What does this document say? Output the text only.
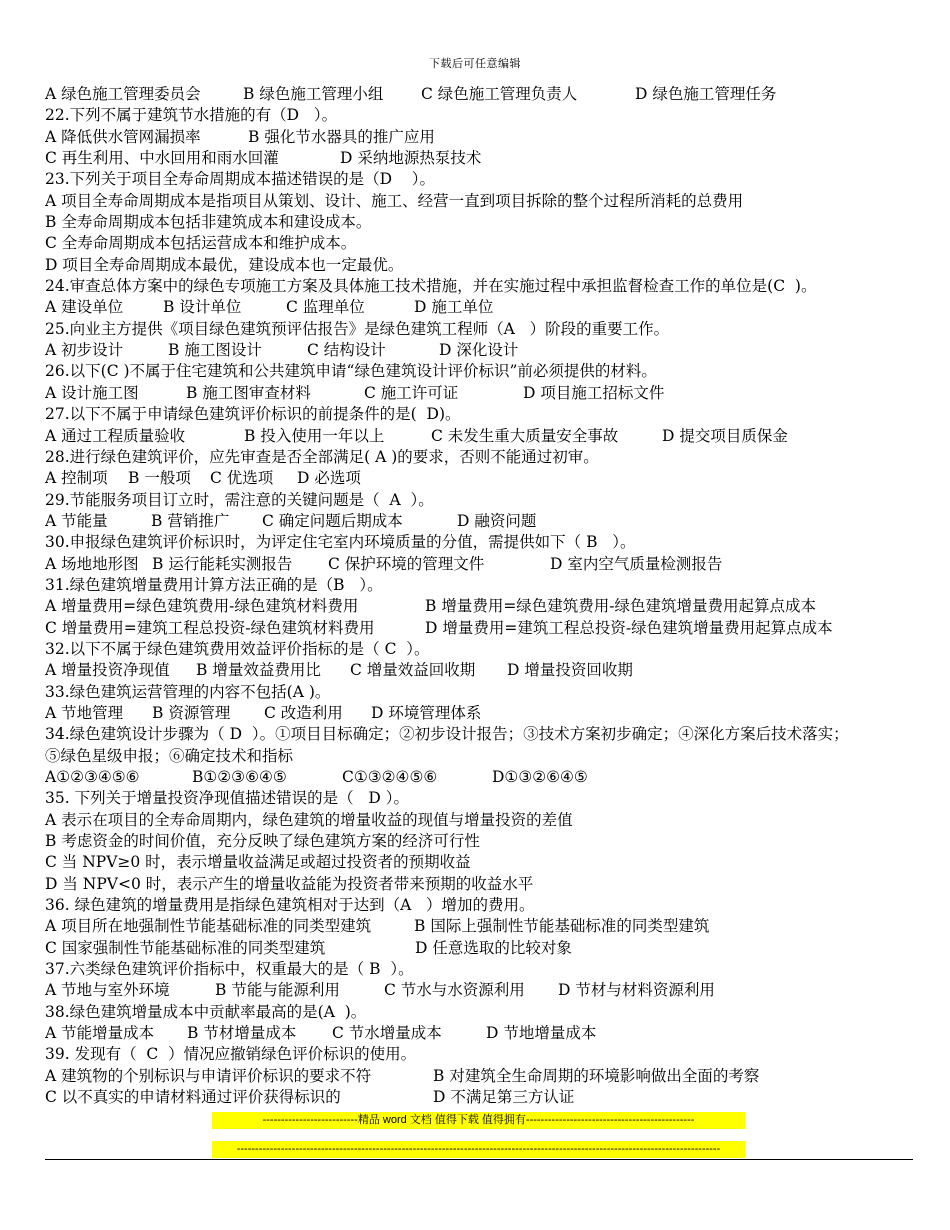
下载后可任意编辑
A 绿色施工管理委员会	B 绿色施工管理小组 C 绿色施工管理负责人	D 绿色施工管理任务
22.下列不属于建筑节水措施的有（D   ）。
A 降低供水管网漏损率	B 强化节水器具的推广应用
C 再生利用、中水回用和雨水回灌	D 采纳地源热泵技术
23.下列关于项目全寿命周期成本描述错误的是（D    ）。
A 项目全寿命周期成本是指项目从策划、设计、施工、经营一直到项目拆除的整个过程所消耗的总费用
B 全寿命周期成本包括非建筑成本和建设成本。
C 全寿命周期成本包括运营成本和维护成本。
D 项目全寿命周期成本最优，建设成本也一定最优。
24.审查总体方案中的绿色专项施工方案及具体施工技术措施，并在实施过程中承担监督检查工作的单位是(C  )。
A 建设单位	B 设计单位	C 监理单位	D 施工单位
25.向业主方提供《项目绿色建筑预评估报告》是绿色建筑工程师（A   ）阶段的重要工作。
A 初步设计	B 施工图设计	C 结构设计	D 深化设计
26.以下(C )不属于住宅建筑和公共建筑申请“绿色建筑设计评价标识”前必须提供的材料。
A 设计施工图	B 施工图审查材料	C 施工许可证	D 项目施工招标文件
27.以下不属于申请绿色建筑评价标识的前提条件的是(  D)。
A 通过工程质量验收	B 投入使用一年以上	C 未发生重大质量安全事故	D 提交项目质保金
28.进行绿色建筑评价，应先审查是否全部满足( A )的要求，否则不能通过初审。
A 控制项 B 一般项 C 优选项 D 必选项
29.节能服务项目订立时，需注意的关键问题是（  A  ）。
A 节能量	B 营销推广 C 确定问题后期成本	D 融资问题
30.申报绿色建筑评价标识时，为评定住宅室内环境质量的分值，需提供如下（ B   ）。
A 场地地形图 B 运行能耗实测报告 C 保护环境的管理文件	D 室内空气质量检测报告
31.绿色建筑增量费用计算方法正确的是（B   ）。
A 增量费用=绿色建筑费用-绿色建筑材料费用	B 增量费用=绿色建筑费用-绿色建筑增量费用起算点成本
C 增量费用=建筑工程总投资-绿色建筑材料费用	D 增量费用=建筑工程总投资-绿色建筑增量费用起算点成本
32.以下不属于绿色建筑费用效益评价指标的是（ C  ）。
A 增量投资净现值 B 增量效益费用比 C 增量效益回收期 D 增量投资回收期
33.绿色建筑运营管理的内容不包括(A )。
A 节地管理 B 资源管理 C 改造利用 D 环境管理体系
34.绿色建筑设计步骤为（ D  ）。①项目目标确定；②初步设计报告；③技术方案初步确定；④深化方案后技术落实；
⑤绿色星级申报；⑥确定技术和指标
A①②③④⑤⑥	B①②③⑥④⑤	C①③②④⑤⑥	D①③②⑥④⑤
35. 下列关于增量投资净现值描述错误的是（   D ）。
A 表示在项目的全寿命周期内，绿色建筑的增量收益的现值与增量投资的差值
B 考虑资金的时间价值，充分反映了绿色建筑方案的经济可行性
C 当 NPV≥0 时，表示增量收益满足或超过投资者的预期收益
D 当 NPV<0 时，表示产生的增量收益能为投资者带来预期的收益水平
36. 绿色建筑的增量费用是指绿色建筑相对于达到（A   ）增加的费用。
A 项目所在地强制性节能基础标准的同类型建筑	B 国际上强制性节能基础标准的同类型建筑
C 国家强制性节能基础标准的同类型建筑	D 任意选取的比较对象
37.六类绿色建筑评价指标中，权重最大的是（ B  ）。
A 节地与室外环境	B 节能与能源利用	C 节水与水资源利用 D 节材与材料资源利用
38.绿色建筑增量成本中贡献率最高的是(A  )。
A 节能增量成本 B 节材增量成本 C 节水增量成本	D 节地增量成本
39. 发现有（  C  ）情况应撤销绿色评价标识的使用。
A 建筑物的个别标识与申请评价标识的要求不符	B 对建筑全生命周期的环境影响做出全面的考察
C 以不真实的申请材料通过评价获得标识的	D 不满足第三方认证
--------------------------精品 word 文档 值得下载 值得拥有----------------------------------------------
------------------------------------------------------------------------------------------------------------------------------------
